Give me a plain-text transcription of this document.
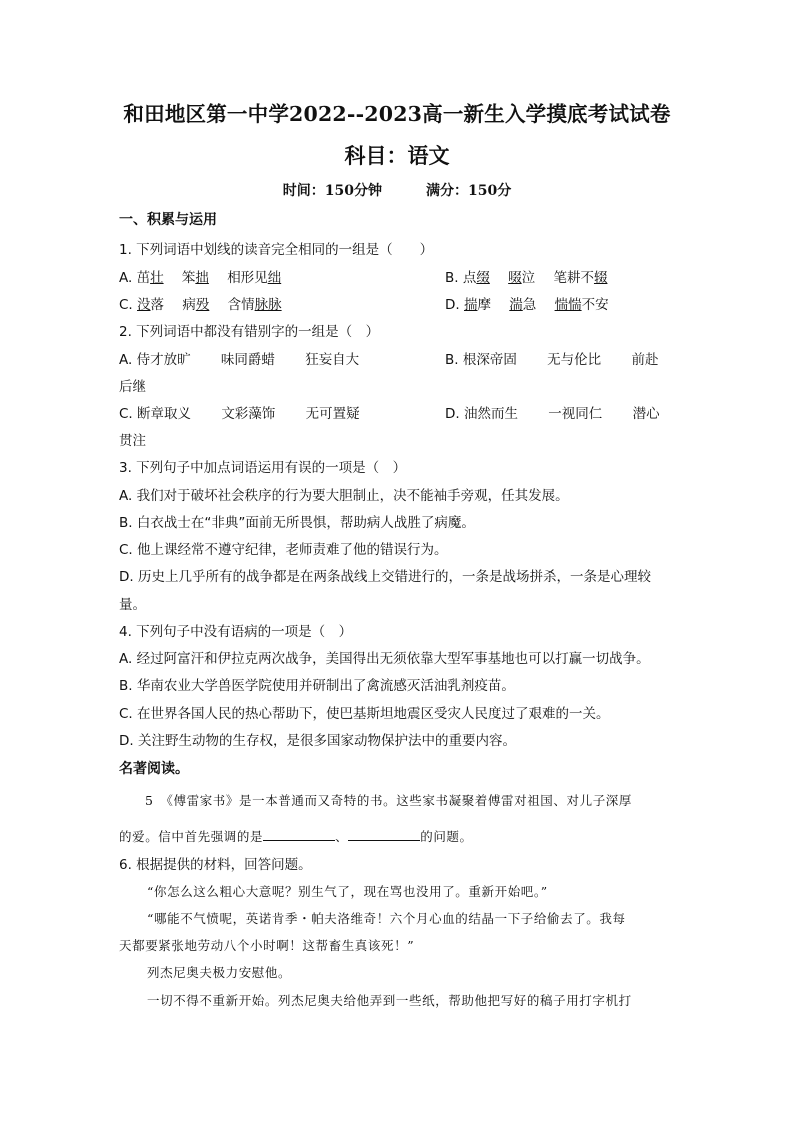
和田地区第一中学2022--2023高一新生入学摸底考试试卷
科目：语文
时间：150分钟	满分：150分
一、积累与运用
1. 下列词语中划线的读音完全相同的一组是（　　）
A. 茁壮 笨拙 相形见绌	B. 点缀 啜泣 笔耕不辍
C. 没落 病殁 含情脉脉	D. 揣摩 湍急 惴惴不安
2. 下列词语中都没有错别字的一组是（　）
A. 侍才放旷 味同爵蜡 狂妄自大	B. 根深帝固 无与伦比 前赴
后继
C. 断章取义 文彩藻饰 无可置疑	D. 油然而生 一视同仁 潜心
贯注
3. 下列句子中加点词语运用有误的一项是（　）
A. 我们对于破坏社会秩序的行为要大胆制止，决不能袖手旁观，任其发展。
B. 白衣战士在“非典”面前无所畏惧，帮助病人战胜了病魔。
C. 他上课经常不遵守纪律，老师责难了他的错误行为。
D. 历史上几乎所有的战争都是在两条战线上交错进行的，一条是战场拼杀，一条是心理较
量。
4. 下列句子中没有语病的一项是（　）
A. 经过阿富汗和伊拉克两次战争，美国得出无须依靠大型军事基地也可以打赢一切战争。
B. 华南农业大学兽医学院使用并研制出了禽流感灭活油乳剂疫苗。
C. 在世界各国人民的热心帮助下，使巴基斯坦地震区受灾人民度过了艰难的一关。
D. 关注野生动物的生存权，是很多国家动物保护法中的重要内容。
名著阅读。
5　《傅雷家书》是一本普通而又奇特的书。这些家书凝聚着傅雷对祖国、对儿子深厚
的爱。信中首先强调的是	、	的问题。
6. 根据提供的材料，回答问题。
“你怎么这么粗心大意呢？别生气了，现在骂也没用了。重新开始吧。”
“哪能不气愤呢，英诺肯季・帕夫洛维奇！六个月心血的结晶一下子给偷去了。我每
天都要紧张地劳动八个小时啊！这帮畜生真该死！”
列杰尼奥夫极力安慰他。
一切不得不重新开始。列杰尼奥夫给他弄到一些纸，帮助他把写好的稿子用打字机打
